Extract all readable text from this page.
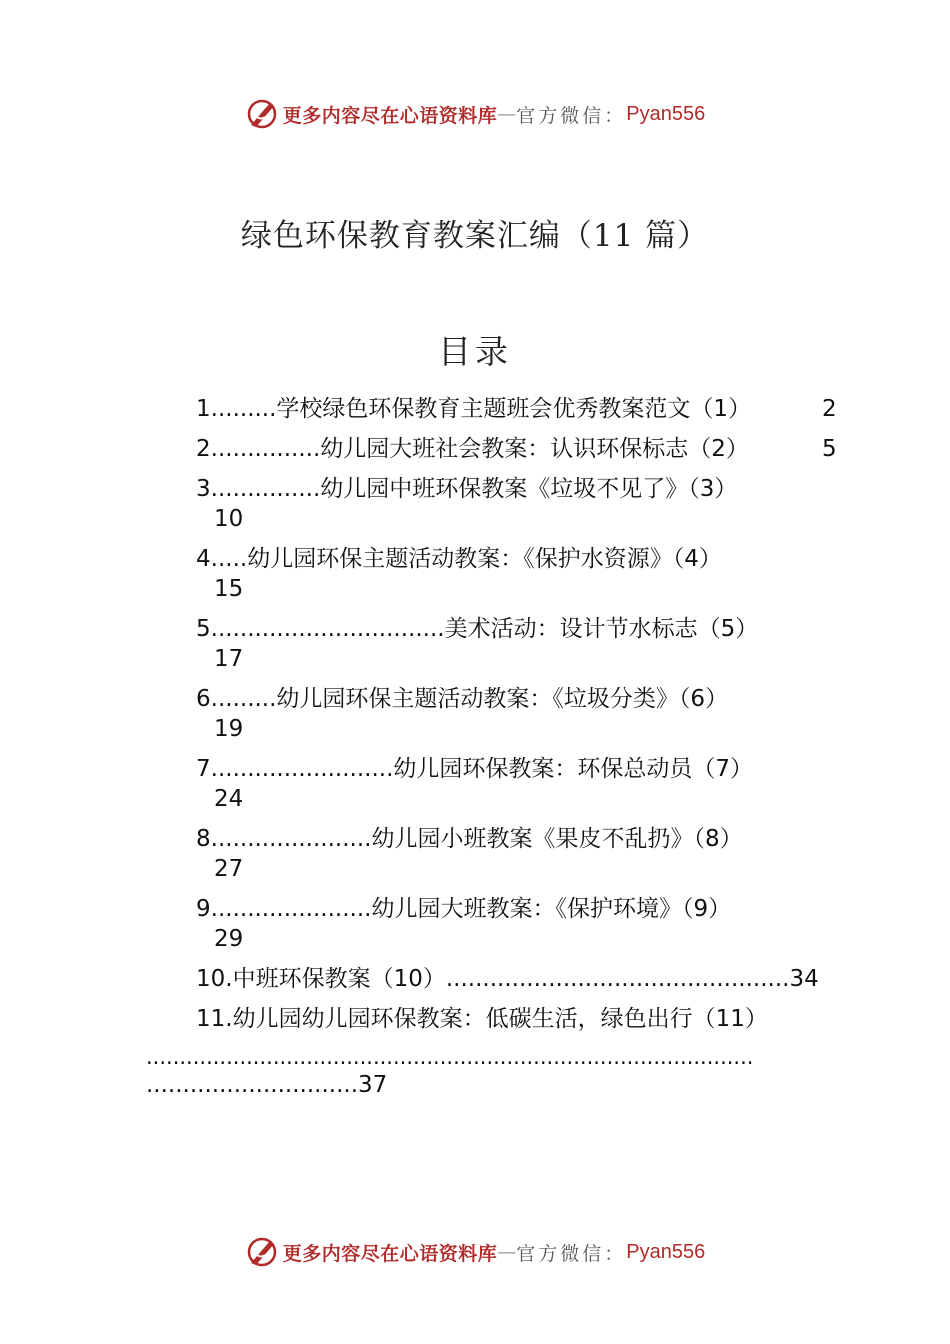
更多内容尽在心语资料库 — 官方微信： Pyan556
绿色环保教育教案汇编（11 篇）
目录
1.........学校绿色环保教育主题班会优秀教案范文（1）	2
2...............幼儿园大班社会教案：认识环保标志（2）	5
3...............幼儿园中班环保教案《垃圾不见了》（3）
10
4.....幼儿园环保主题活动教案：《保护水资源》（4）
15
5................................美术活动：设计节水标志（5）
17
6.........幼儿园环保主题活动教案：《垃圾分类》（6）
19
7.........................幼儿园环保教案：环保总动员（7）
24
8......................幼儿园小班教案《果皮不乱扔》（8）
27
9......................幼儿园大班教案：《保护环境》（9）
29
10.中班环保教案（10）...............................................34
11.幼儿园幼儿园环保教案：低碳生活，绿色出行（11）
...........................................................................................
.............................37
更多内容尽在心语资料库 — 官方微信： Pyan556
